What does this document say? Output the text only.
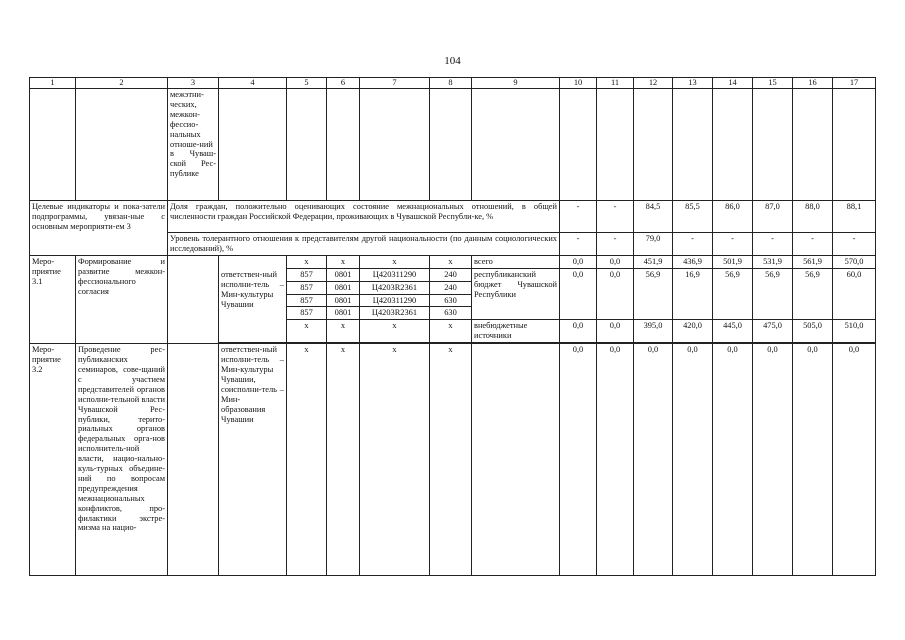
104
1	2	3	4	5	6	7	8	9	10	11	12	13	14	15	16	17
		межэтни-ческих, межкон-фессио-нальных отноше-ний в Чуваш-ской Рес-публике														
Целевые индикаторы и пока-затели подпрограммы, увязан-ные с основным мероприяти-ем 3		Доля граждан, положительно оценивающих состояние межнациональных отношений, в общей численности граждан Российской Федерации, проживающих в Чувашской Республи-ке, %							-	-	84,5	85,5	86,0	87,0	88,0	88,1
		Уровень толерантного отношения к представителям другой национальности (по данным социологических исследований), %							-	-	79,0	-	-	-	-	-
Меро-приятие 3.1	Формирование и развитие межкон-фессионального согласия			x	x	x	x	всего	0,0	0,0	451,9	436,9	501,9	531,9	561,9	570,0
			ответствен-ный исполни-тель – Мин-культуры Чувашии	857	0801	Ц420311290	240	республиканский бюджет Чувашской Республики	0,0	0,0	56,9	16,9	56,9	56,9	56,9	60,0
				857	0801	Ц4203R2361	240									
				857	0801	Ц420311290	630									
				857	0801	Ц4203R2361	630									
				x	x	x	x	внебюджетные источники	0,0	0,0	395,0	420,0	445,0	475,0	505,0	510,0

Меро-приятие 3.2	Проведение рес-публиканских семинаров, сове-щаний с участием представителей органов исполни-тельной власти Чувашской Рес-публики, терито-риальных органов федеральных орга-нов исполнитель-ной власти, нацио-нально-куль-турных объедине-ний по вопросам предупреждения межнациональных конфликтов, про-филактики экстре-мизма на нацио-		ответствен-ный исполни-тель – Мин-культуры Чувашии, соисполни-тель – Мин-образования Чувашии	x	x	x	x		0,0	0,0	0,0	0,0	0,0	0,0	0,0	0,0
